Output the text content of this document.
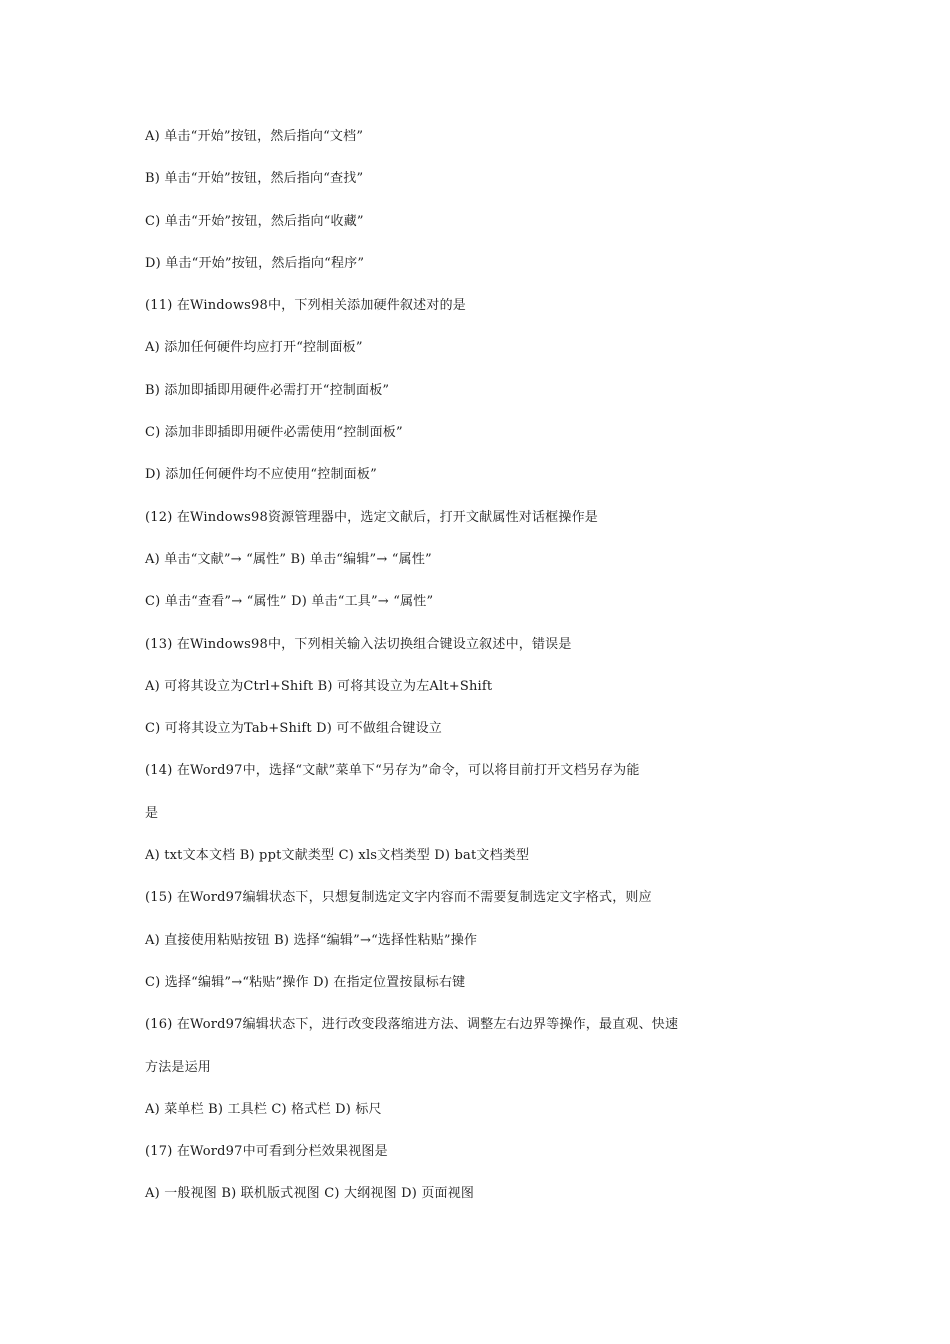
A) 单击“开始”按钮，然后指向“文档”
B) 单击“开始”按钮，然后指向“查找”
C) 单击“开始”按钮，然后指向“收藏”
D) 单击“开始”按钮，然后指向“程序”
(11) 在Windows98中，下列相关添加硬件叙述对的是
A) 添加任何硬件均应打开“控制面板”
B) 添加即插即用硬件必需打开“控制面板”
C) 添加非即插即用硬件必需使用“控制面板”
D) 添加任何硬件均不应使用“控制面板”
(12) 在Windows98资源管理器中，选定文献后，打开文献属性对话框操作是
A) 单击“文献”→ “属性” B) 单击“编辑”→ “属性”
C) 单击“查看”→ “属性” D) 单击“工具”→ “属性”
(13) 在Windows98中，下列相关输入法切换组合键设立叙述中，错误是
A) 可将其设立为Ctrl+Shift B) 可将其设立为左Alt+Shift
C) 可将其设立为Tab+Shift D) 可不做组合键设立
(14) 在Word97中，选择“文献”菜单下“另存为”命令，可以将目前打开文档另存为能
是
A) txt文本文档 B) ppt文献类型 C) xls文档类型 D) bat文档类型
(15) 在Word97编辑状态下，只想复制选定文字内容而不需要复制选定文字格式，则应
A) 直接使用粘贴按钮 B) 选择“编辑”→“选择性粘贴”操作
C) 选择“编辑”→“粘贴”操作 D) 在指定位置按鼠标右键
(16) 在Word97编辑状态下，进行改变段落缩进方法、调整左右边界等操作，最直观、快速
方法是运用
A) 菜单栏 B) 工具栏 C) 格式栏 D) 标尺
(17) 在Word97中可看到分栏效果视图是
A) 一般视图 B) 联机版式视图 C) 大纲视图 D) 页面视图
